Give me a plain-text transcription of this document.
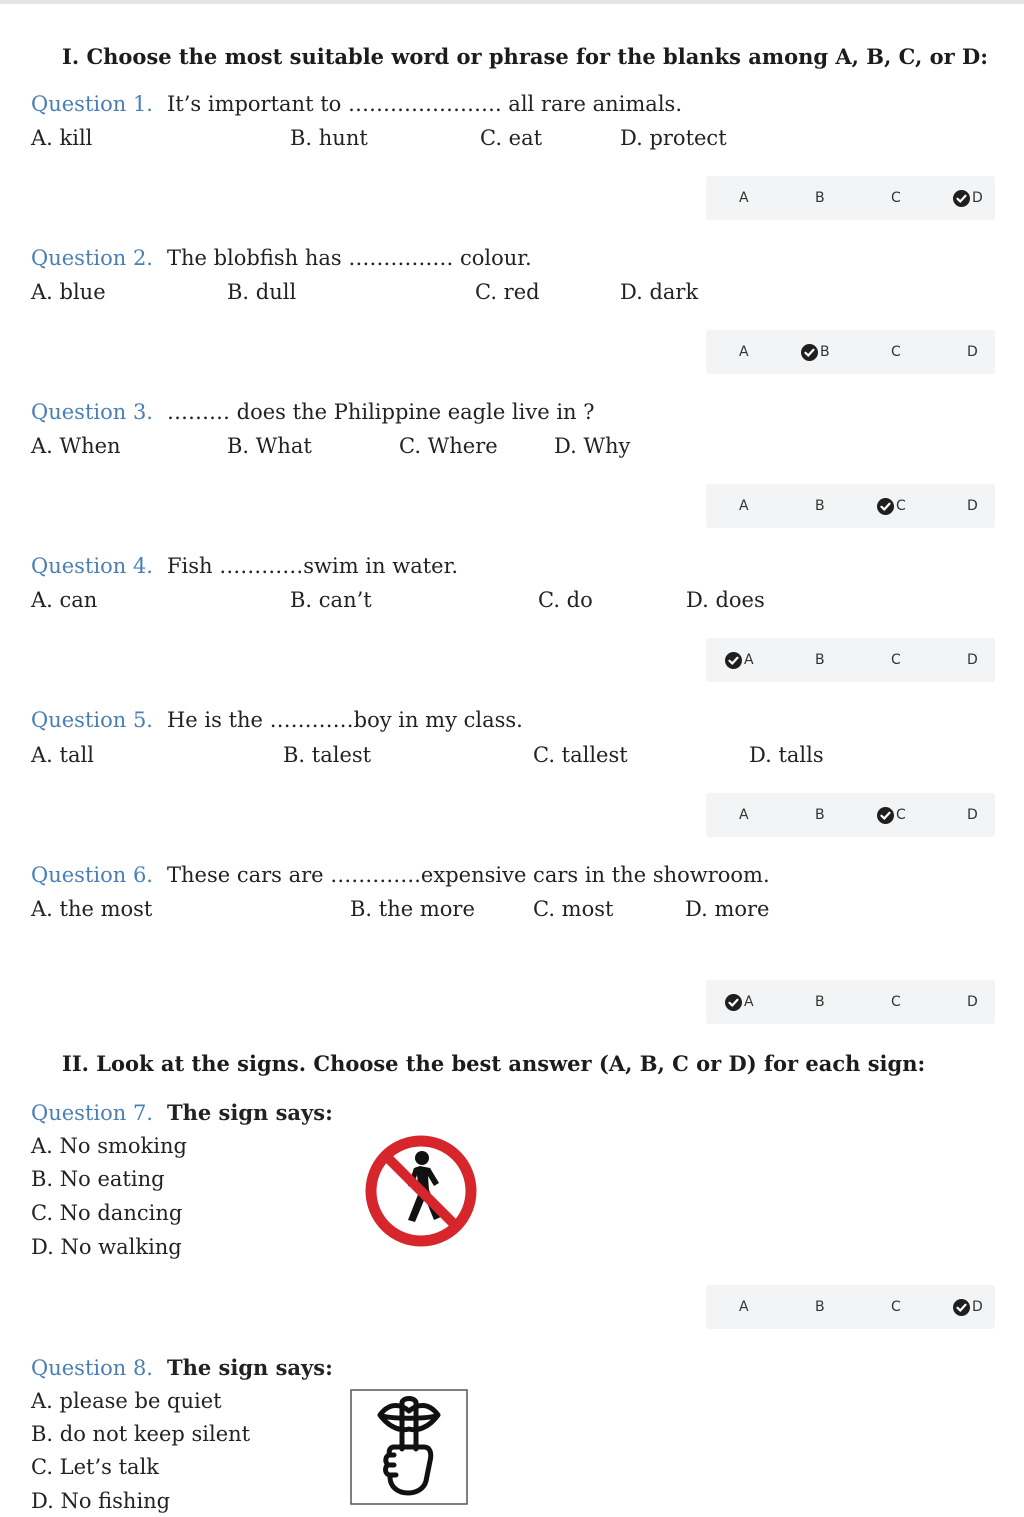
I. Choose the most suitable word or phrase for the blanks among A, B, C, or D:
Question 1. It’s important to …………………. all rare animals.
A. kill	B. hunt	C. eat	D. protect
A	B	C	D
Question 2. The blobfish has …………… colour.
A. blue	B. dull	C. red	D. dark
A	B	C	D
Question 3. ……… does the Philippine eagle live in ?
A. When	B. What	C. Where	D. Why
A	B	C	D
Question 4. Fish …………swim in water.
A. can	B. can’t	C. do	D. does
A	B	C	D
Question 5. He is the …………boy in my class.
A. tall	B. talest	C. tallest	D. talls
A	B	C	D
Question 6. These cars are ………….expensive cars in the showroom.
A. the most	B. the more	C. most	D. more
A	B	C	D
II. Look at the signs. Choose the best answer (A, B, C or D) for each sign:
Question 7. The sign says:
A. No smoking
B. No eating
C. No dancing
D. No walking
A	B	C	D
Question 8. The sign says:
A. please be quiet
B. do not keep silent
C. Let’s talk
D. No fishing
